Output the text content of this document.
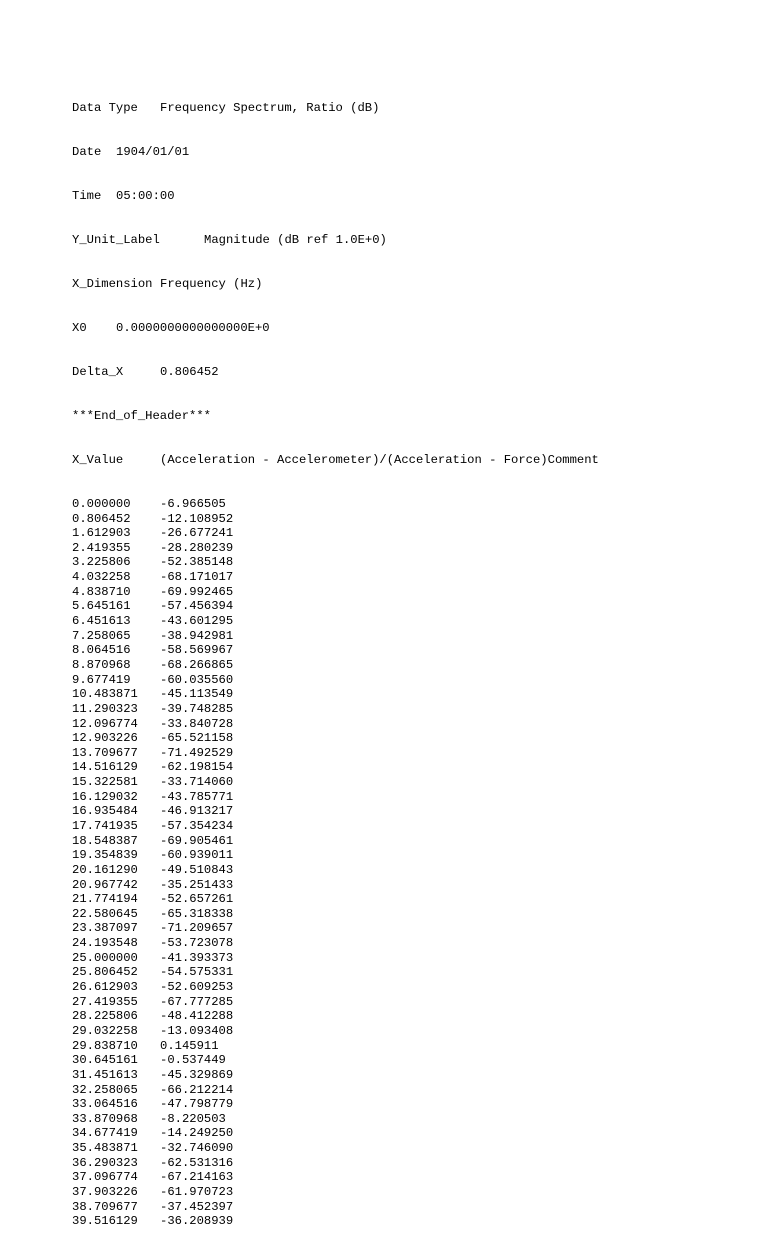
Data Type Frequency Spectrum, Ratio (dB)

Date 1904/01/01

Time 05:00:00

Y_Unit_Label	Magnitude (dB ref 1.0E+0)

X_Dimension Frequency (Hz)

X0 0.0000000000000000E+0

Delta_X	0.806452

***End_of_Header***

X_Value	(Acceleration - Accelerometer)/(Acceleration - Force)Comment

0.000000 -6.966505
0.806452 -12.108952
1.612903 -26.677241
2.419355 -28.280239
3.225806 -52.385148
4.032258 -68.171017
4.838710 -69.992465
5.645161 -57.456394
6.451613 -43.601295
7.258065 -38.942981
8.064516 -58.569967
8.870968 -68.266865
9.677419 -60.035560
10.483871 -45.113549
11.290323 -39.748285
12.096774 -33.840728
12.903226 -65.521158
13.709677 -71.492529
14.516129 -62.198154
15.322581 -33.714060
16.129032 -43.785771
16.935484 -46.913217
17.741935 -57.354234
18.548387 -69.905461
19.354839 -60.939011
20.161290 -49.510843
20.967742 -35.251433
21.774194 -52.657261
22.580645 -65.318338
23.387097 -71.209657
24.193548 -53.723078
25.000000 -41.393373
25.806452 -54.575331
26.612903 -52.609253
27.419355 -67.777285
28.225806 -48.412288
29.032258 -13.093408
29.838710 0.145911
30.645161 -0.537449
31.451613 -45.329869
32.258065 -66.212214
33.064516 -47.798779
33.870968 -8.220503
34.677419 -14.249250
35.483871 -32.746090
36.290323 -62.531316
37.096774 -67.214163
37.903226 -61.970723
38.709677 -37.452397
39.516129 -36.208939
